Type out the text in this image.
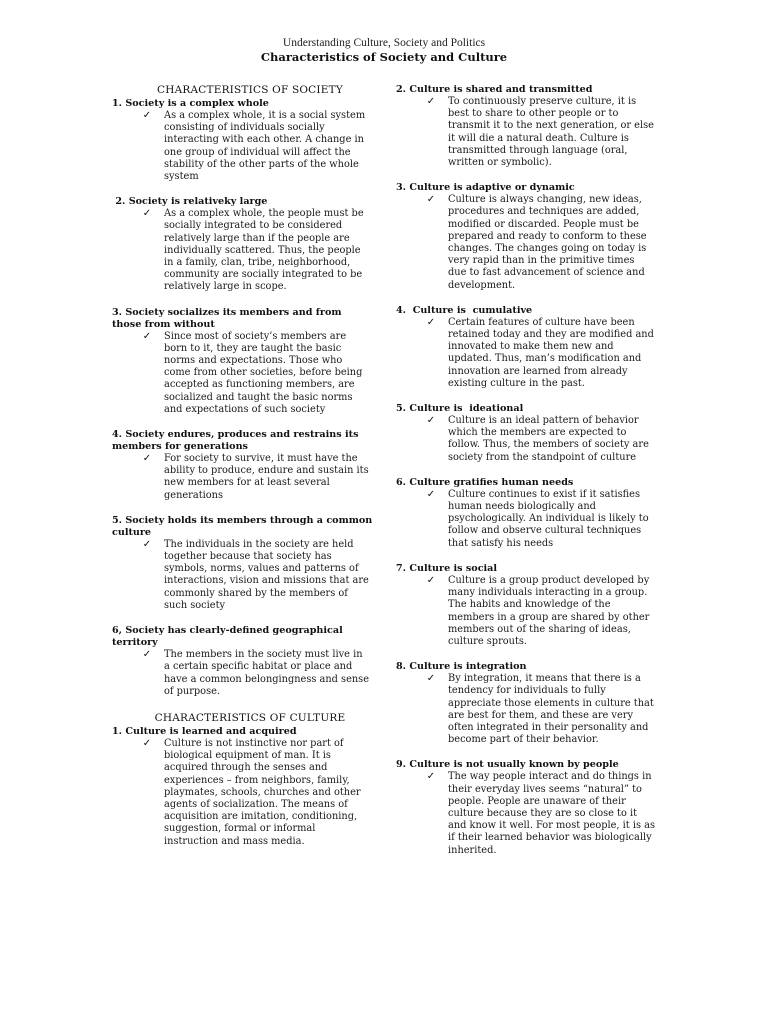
Understanding Culture, Society and Politics
Characteristics of Society and Culture
CHARACTERISTICS OF SOCIETY
1. Society is a complex whole
✓ As a complex whole, it is a social system consisting of individuals socially interacting with each other. A change in one group of individual will affect the stability of the other parts of the whole system
2. Society is relativeky large
✓ As a complex whole, the people must be socially integrated to be considered relatively large than if the people are individually scattered. Thus, the people in a family, clan, tribe, neighborhood, community are socially integrated to be relatively large in scope.
3. Society socializes its members and from those from without
✓ Since most of society’s members are born to it, they are taught the basic norms and expectations. Those who come from other societies, before being accepted as functioning members, are socialized and taught the basic norms and expectations of such society
4. Society endures, produces and restrains its members for generations
✓ For society to survive, it must have the ability to produce, endure and sustain its new members for at least several generations
5. Society holds its members through a common culture
✓ The individuals in the society are held together because that society has symbols, norms, values and patterns of interactions, vision and missions that are commonly shared by the members of such society
6, Society has clearly-defined geographical territory
✓ The members in the society must live in a certain specific habitat or place and have a common belongingness and sense of purpose.
CHARACTERISTICS OF CULTURE
1. Culture is learned and acquired
✓ Culture is not instinctive nor part of biological equipment of man. It is acquired through the senses and experiences – from neighbors, family, playmates, schools, churches and other agents of socialization. The means of acquisition are imitation, conditioning, suggestion, formal or informal instruction and mass media.
2. Culture is shared and transmitted
✓ To continuously preserve culture, it is best to share to other people or to transmit it to the next generation, or else it will die a natural death. Culture is transmitted through language (oral, written or symbolic).
3. Culture is adaptive or dynamic
✓ Culture is always changing, new ideas, procedures and techniques are added, modified or discarded. People must be prepared and ready to conform to these changes. The changes going on today is very rapid than in the primitive times due to fast advancement of science and development.
4.  Culture is  cumulative
✓ Certain features of culture have been retained today and they are modified and innovated to make them new and updated. Thus, man’s modification and innovation are learned from already existing culture in the past.
5. Culture is  ideational
✓ Culture is an ideal pattern of behavior which the members are expected to follow. Thus, the members of society are society from the standpoint of culture
6. Culture gratifies human needs
✓ Culture continues to exist if it satisfies human needs biologically and psychologically. An individual is likely to follow and observe cultural techniques that satisfy his needs
7. Culture is social
✓ Culture is a group product developed by many individuals interacting in a group. The habits and knowledge of the members in a group are shared by other members out of the sharing of ideas, culture sprouts.
8. Culture is integration
✓ By integration, it means that there is a tendency for individuals to fully appreciate those elements in culture that are best for them, and these are very often integrated in their personality and become part of their behavior.
9. Culture is not usually known by people
✓ The way people interact and do things in their everyday lives seems “natural” to people. People are unaware of their culture because they are so close to it and know it well. For most people, it is as if their learned behavior was biologically inherited.
